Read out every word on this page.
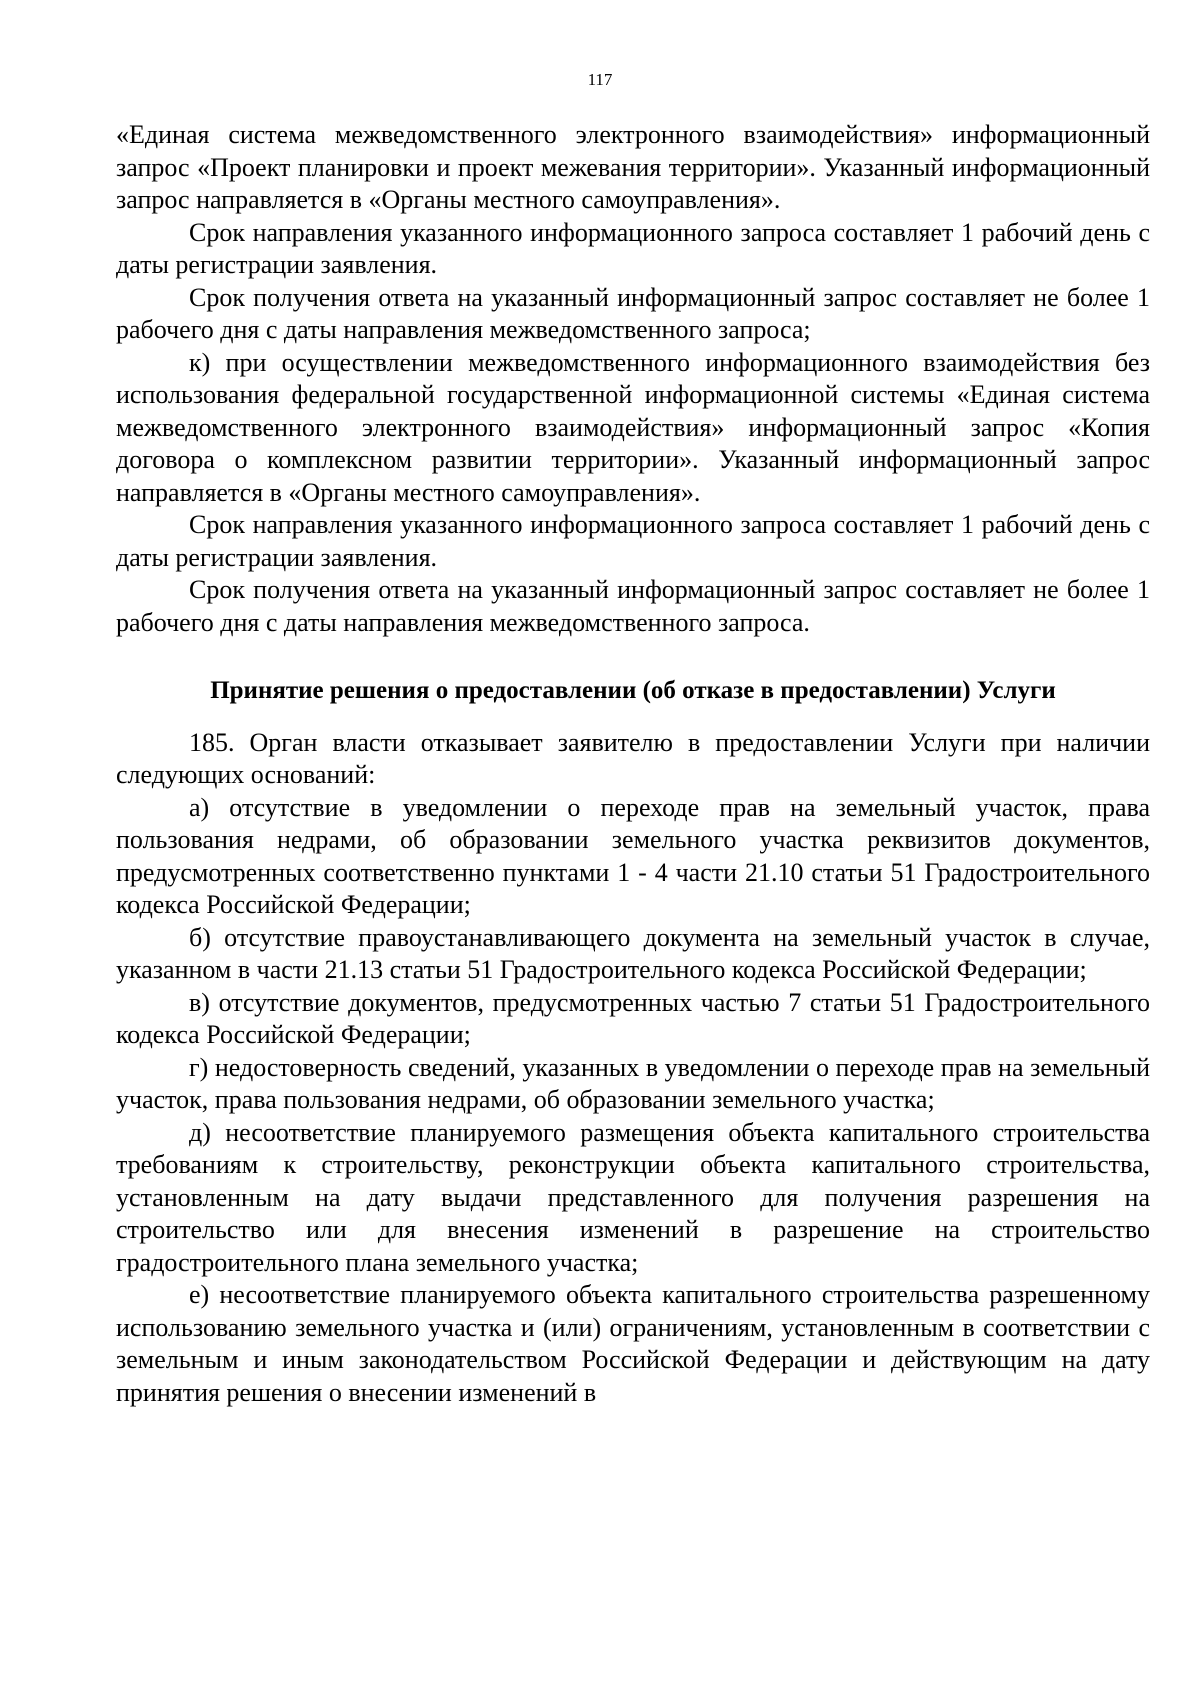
117

«Единая система межведомственного электронного взаимодействия» информационный запрос «Проект планировки и проект межевания территории». Указанный информационный запрос направляется в «Органы местного самоуправления».

Срок направления указанного информационного запроса составляет 1 рабочий день с даты регистрации заявления.

Срок получения ответа на указанный информационный запрос составляет не более 1 рабочего дня с даты направления межведомственного запроса;

к) при осуществлении межведомственного информационного взаимодействия без использования федеральной государственной информационной системы «Единая система межведомственного электронного взаимодействия» информационный запрос «Копия договора о комплексном развитии территории». Указанный информационный запрос направляется в «Органы местного самоуправления».

Срок направления указанного информационного запроса составляет 1 рабочий день с даты регистрации заявления.

Срок получения ответа на указанный информационный запрос составляет не более 1 рабочего дня с даты направления межведомственного запроса.

Принятие решения о предоставлении (об отказе в предоставлении) Услуги

185. Орган власти отказывает заявителю в предоставлении Услуги при наличии следующих оснований:

а) отсутствие в уведомлении о переходе прав на земельный участок, права пользования недрами, об образовании земельного участка реквизитов документов, предусмотренных соответственно пунктами 1 - 4 части 21.10 статьи 51 Градостроительного кодекса Российской Федерации;

б) отсутствие правоустанавливающего документа на земельный участок в случае, указанном в части 21.13 статьи 51 Градостроительного кодекса Российской Федерации;

в) отсутствие документов, предусмотренных частью 7 статьи 51 Градостроительного кодекса Российской Федерации;

г) недостоверность сведений, указанных в уведомлении о переходе прав на земельный участок, права пользования недрами, об образовании земельного участка;

д) несоответствие планируемого размещения объекта капитального строительства требованиям к строительству, реконструкции объекта капитального строительства, установленным на дату выдачи представленного для получения разрешения на строительство или для внесения изменений в разрешение на строительство градостроительного плана земельного участка;

е) несоответствие планируемого объекта капитального строительства разрешенному использованию земельного участка и (или) ограничениям, установленным в соответствии с земельным и иным законодательством Российской Федерации и действующим на дату принятия решения о внесении изменений в
